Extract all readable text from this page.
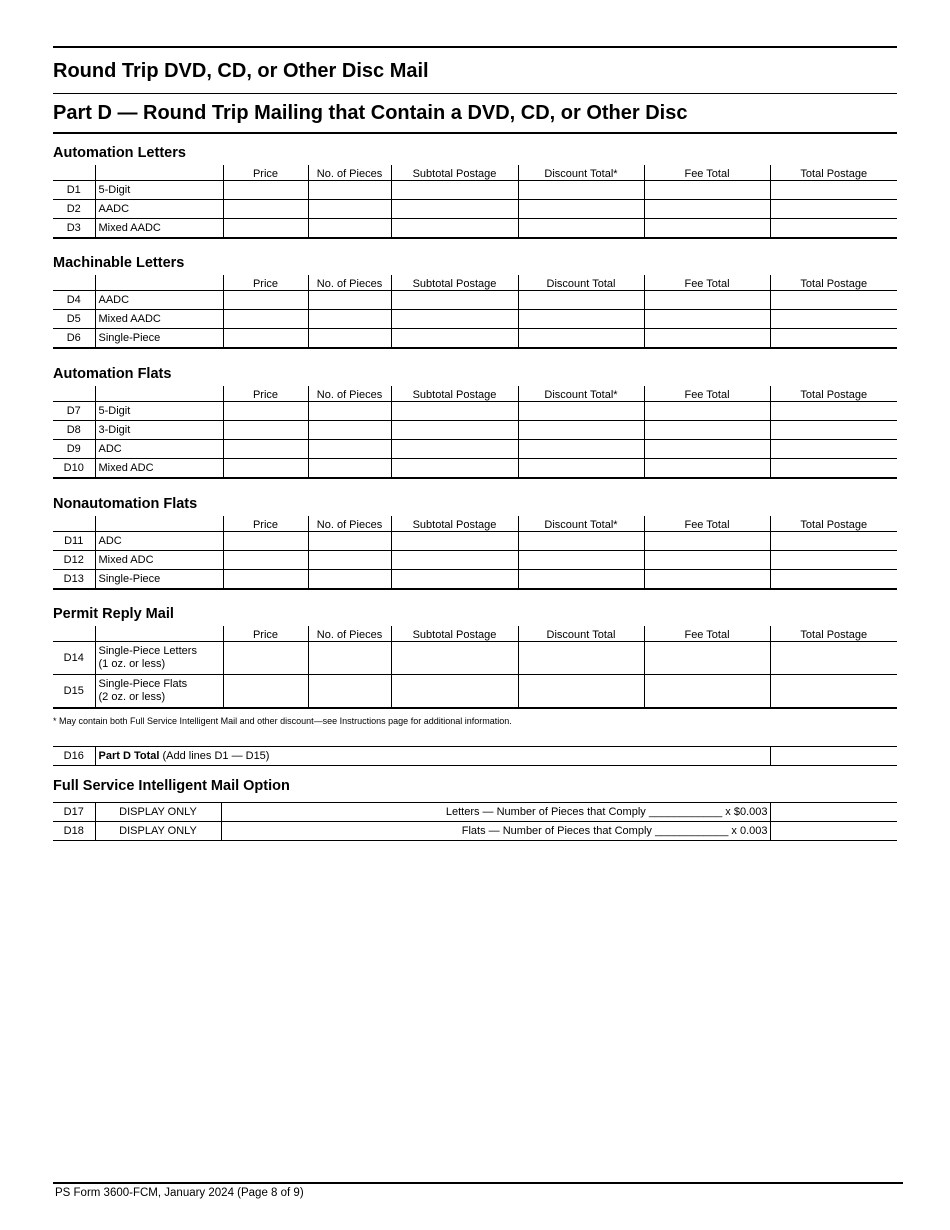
Round Trip DVD, CD, or Other Disc Mail
Part D — Round Trip Mailing that Contain a DVD, CD, or Other Disc
Automation Letters
		Price	No. of Pieces	Subtotal Postage	Discount Total*	Fee Total	Total Postage
D1	5-Digit						
D2	AADC						
D3	Mixed AADC						
Machinable Letters
		Price	No. of Pieces	Subtotal Postage	Discount Total	Fee Total	Total Postage
D4	AADC						
D5	Mixed AADC						
D6	Single-Piece						
Automation Flats
		Price	No. of Pieces	Subtotal Postage	Discount Total*	Fee Total	Total Postage
D7	5-Digit						
D8	3-Digit						
D9	ADC						
D10	Mixed ADC						
Nonautomation Flats
		Price	No. of Pieces	Subtotal Postage	Discount Total*	Fee Total	Total Postage
D11	ADC						
D12	Mixed ADC						
D13	Single-Piece						
Permit Reply Mail
		Price	No. of Pieces	Subtotal Postage	Discount Total	Fee Total	Total Postage
D14	Single-Piece Letters
(1 oz. or less)						
D15	Single-Piece Flats
(2 oz. or less)						
* May contain both Full Service Intelligent Mail and other discount—see Instructions page for additional information.
D16	Part D Total (Add lines D1 — D15)	
Full Service Intelligent Mail Option
D17	DISPLAY ONLY	Letters — Number of Pieces that Comply ____________ x $0.003	
D18	DISPLAY ONLY	Flats — Number of Pieces that Comply ____________ x 0.003	
PS Form 3600-FCM, January 2024 (Page 8 of 9)
